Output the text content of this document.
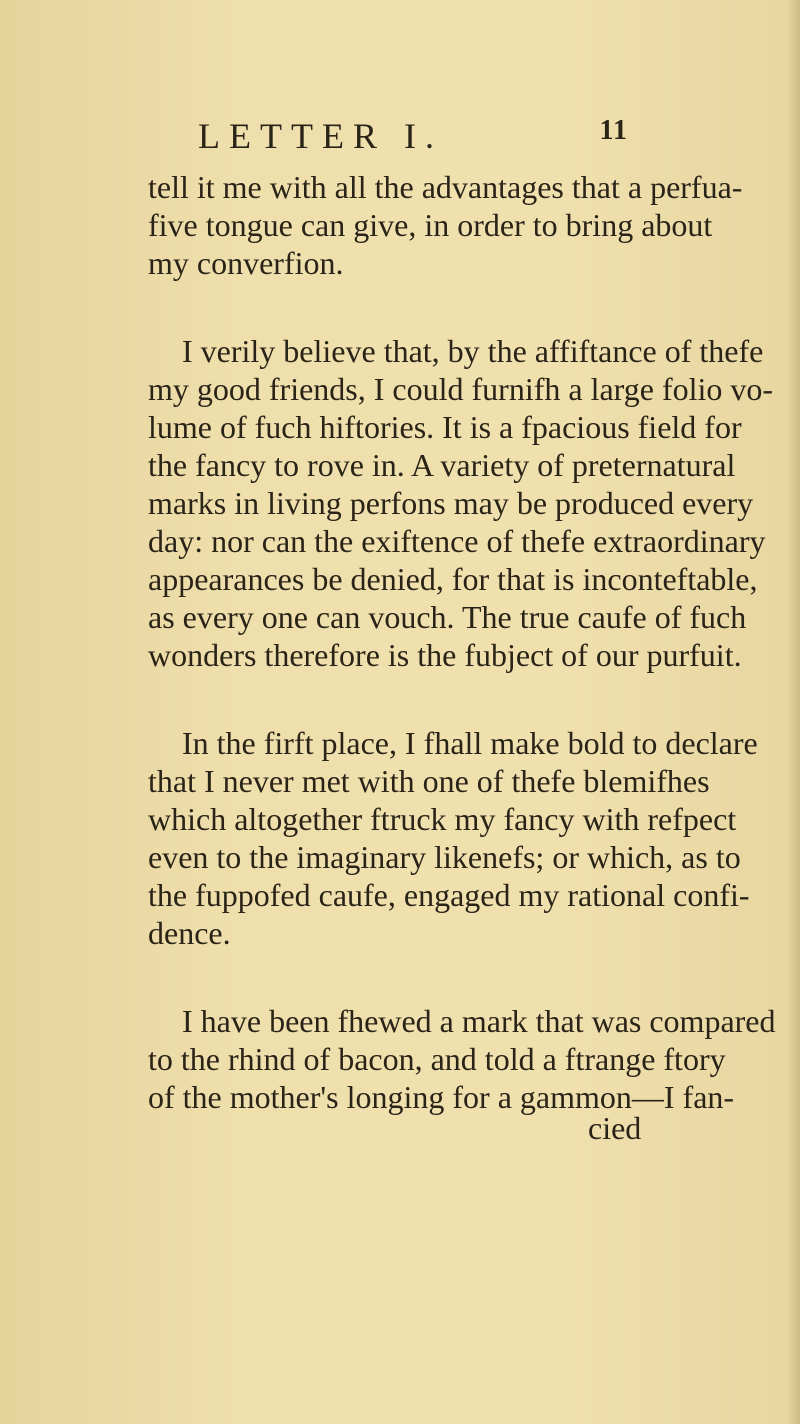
LETTER I.	11
tell it me with all the advantages that a perfua-
five tongue can give, in order to bring about
my converfion.
I verily believe that, by the affiftance of thefe
my good friends, I could furnifh a large folio vo-
lume of fuch hiftories. It is a fpacious field for
the fancy to rove in. A variety of preternatural
marks in living perfons may be produced every
day: nor can the exiftence of thefe extraordinary
appearances be denied, for that is inconteftable,
as every one can vouch. The true caufe of fuch
wonders therefore is the fubject of our purfuit.
In the firft place, I fhall make bold to declare
that I never met with one of thefe blemifhes
which altogether ftruck my fancy with refpect
even to the imaginary likenefs; or which, as to
the fuppofed caufe, engaged my rational confi-
dence.
I have been fhewed a mark that was compared
to the rhind of bacon, and told a ftrange ftory
of the mother's longing for a gammon—I fan-
cied
